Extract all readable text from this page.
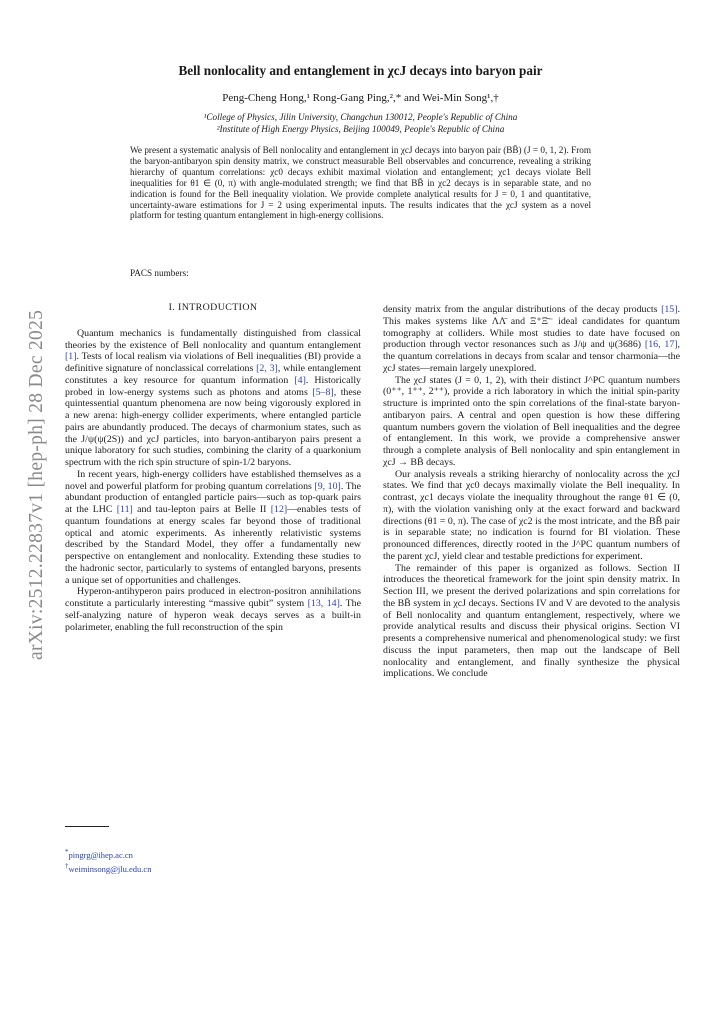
arXiv:2512.22837v1 [hep-ph] 28 Dec 2025
Bell nonlocality and entanglement in χcJ decays into baryon pair
Peng-Cheng Hong,¹ Rong-Gang Ping,²,* and Wei-Min Song¹,†
¹College of Physics, Jilin University, Changchun 130012, People's Republic of China
²Institute of High Energy Physics, Beijing 100049, People's Republic of China
We present a systematic analysis of Bell nonlocality and entanglement in χcJ decays into baryon pair (BB̄) (J = 0, 1, 2). From the baryon-antibaryon spin density matrix, we construct measurable Bell observables and concurrence, revealing a striking hierarchy of quantum correlations: χc0 decays exhibit maximal violation and entanglement; χc1 decays violate Bell inequalities for θ1 ∈ (0, π) with angle-modulated strength; we find that BB̄ in χc2 decays is in separable state, and no indication is found for the Bell inequality violation. We provide complete analytical results for J = 0, 1 and quantitative, uncertainty-aware estimations for J = 2 using experimental inputs. The results indicates that the χcJ system as a novel platform for testing quantum entanglement in high-energy collisions.
PACS numbers:
I. INTRODUCTION

Quantum mechanics is fundamentally distinguished from classical theories by the existence of Bell nonlocality and quantum entanglement [1]. Tests of local realism via violations of Bell inequalities (BI) provide a definitive signature of nonclassical correlations [2, 3], while entanglement constitutes a key resource for quantum information [4]. Historically probed in low-energy systems such as photons and atoms [5–8], these quintessential quantum phenomena are now being vigorously explored in a new arena: high-energy collider experiments, where entangled particle pairs are abundantly produced. The decays of charmonium states, such as the J/ψ(ψ(2S)) and χcJ particles, into baryon-antibaryon pairs present a unique laboratory for such studies, combining the clarity of a quarkonium spectrum with the rich spin structure of spin-1/2 baryons.

In recent years, high-energy colliders have established themselves as a novel and powerful platform for probing quantum correlations [9, 10]. The abundant production of entangled particle pairs—such as top-quark pairs at the LHC [11] and tau-lepton pairs at Belle II [12]—enables tests of quantum foundations at energy scales far beyond those of traditional optical and atomic experiments. As inherently relativistic systems described by the Standard Model, they offer a fundamentally new perspective on entanglement and nonlocality. Extending these studies to the hadronic sector, particularly to systems of entangled baryons, presents a unique set of opportunities and challenges.

Hyperon-antihyperon pairs produced in electron-positron annihilations constitute a particularly interesting “massive qubit” system [13, 14]. The self-analyzing nature of hyperon weak decays serves as a built-in polarimeter, enabling the full reconstruction of the spin

density matrix from the angular distributions of the decay products [15]. This makes systems like ΛΛ̄ and Ξ⁺Ξ̄⁻ ideal candidates for quantum tomography at colliders. While most studies to date have focused on production through vector resonances such as J/ψ and ψ(3686) [16, 17], the quantum correlations in decays from scalar and tensor charmonia—the χcJ states—remain largely unexplored.

The χcJ states (J = 0, 1, 2), with their distinct J^PC quantum numbers (0⁺⁺, 1⁺⁺, 2⁺⁺), provide a rich laboratory in which the initial spin-parity structure is imprinted onto the spin correlations of the final-state baryon-antibaryon pairs. A central and open question is how these differing quantum numbers govern the violation of Bell inequalities and the degree of entanglement. In this work, we provide a comprehensive answer through a complete analysis of Bell nonlocality and spin entanglement in χcJ → BB̄ decays.

Our analysis reveals a striking hierarchy of nonlocality across the χcJ states. We find that χc0 decays maximally violate the Bell inequality. In contrast, χc1 decays violate the inequality throughout the range θ1 ∈ (0, π), with the violation vanishing only at the exact forward and backward directions (θ1 = 0, π). The case of χc2 is the most intricate, and the BB̄ pair is in separable state; no indication is fournd for BI violation. These pronounced differences, directly rooted in the J^PC quantum numbers of the parent χcJ, yield clear and testable predictions for experiment.

The remainder of this paper is organized as follows. Section II introduces the theoretical framework for the joint spin density matrix. In Section III, we present the derived polarizations and spin correlations for the BB̄ system in χcJ decays. Sections IV and V are devoted to the analysis of Bell nonlocality and quantum entanglement, respectively, where we provide analytical results and discuss their physical origins. Section VI presents a comprehensive numerical and phenomenological study: we first discuss the input parameters, then map out the landscape of Bell nonlocality and entanglement, and finally synthesize the physical implications. We conclude

*pingrg@ihep.ac.cn
†weiminsong@jlu.edu.cn
